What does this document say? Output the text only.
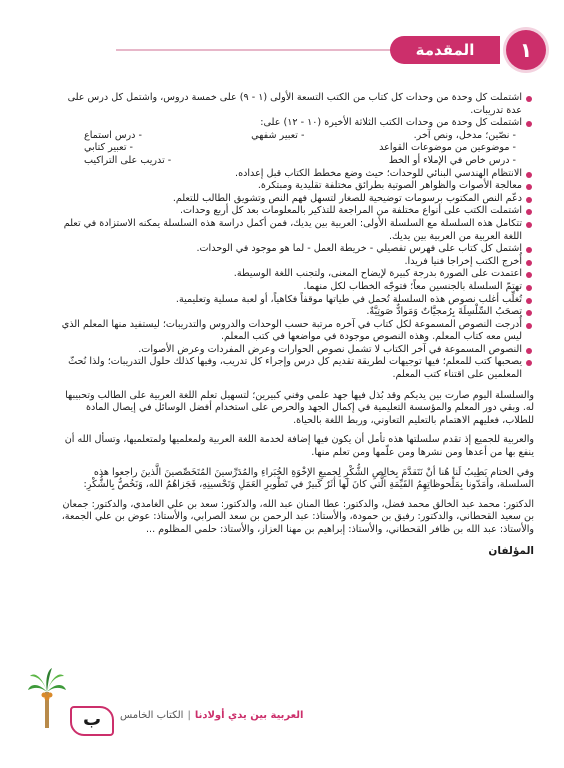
المقدمة	١
اشتملت كل وحدة من وحدات كل كتاب من الكتب التسعة الأولى (١ - ٩) على خمسة دروس، واشتمل كل درس على عدة تدريبات.
اشتملت كل وحدة من وحدات الكتب الثلاثة الأخيرة (١٠ - ١٢) على:
- نصّين؛ مدخل، ونص آخر.
- تعبير شفهي
- درس استماع
- موضوعين من موضوعات القواعد
- تعبير كتابي
- درس خاص في الإملاء أو الخط
- تدريب على التراكيب
الانتظام الهندسي البنائي للوحدات؛ حيث وضع مخطط الكتاب قبل إعداده.
معالجة الأصوات والظواهر الصوتية بطرائق مختلفة تقليدية ومبتكرة.
دعّم النص المكتوب برسومات توضيحية للصغار لتسهل فهم النص وتشويق الطالب للتعلم.
اشتملت الكتب على أنواع مختلفة من المراجعة للتذكير بالمعلومات بعد كل أربع وحدات.
تتكامل هذه السلسلة مع السلسلة الأولى: العربية بين يديك، فمن أكمل دراسة هذه السلسلة يمكنه الاستزادة في تعلم اللغة العربية من العربية بين يديك.
اشتمل كل كتاب على فهرس تفصيلي - خريطة العمل - لما هو موجود في الوحدات.
أُخرج الكتب إخراجا فنيا فريدا.
اعتمدت على الصورة بدرجة كبيرة لإيضاح المعنى، ولتجنب اللغة الوسيطة.
تهتمّ السلسلة بالجنسين معاً؛ فتوجّه الخطاب لكل منهما.
تُغلِّب أغلب نصوص هذه السلسلة تُحمل في طياتها موقفاً فكاهياً، أو لعبة مسلية وتعليمية.
تصحَبُ السِّلْسِلَةَ بِرُمجيَّاتٌ وَمَوادٌّ صَوتِيَّةٌ.
أُدرجت النصوص المسموعة لكل كتاب في آخره مرتبة حسب الوحدات والدروس والتدريبات؛ ليستفيد منها المعلم الذي ليس معه كتاب المعلم. وهذه النصوص موجودة في مواضعها في كتب المعلم.
النصوص المسموعة في آخر الكتاب لا تشمل نصوص الحوارات وعرض المفردات وعرض الأصوات.
يصحبها كتب للمعلم؛ فيها توجيهات لطريقة تقديم كل درس وإجراء كل تدريب، وفيها كذلك حلول التدريبات؛ ولذا نُحثّ المعلمين على اقتناء كتب المعلم.

والسلسلة اليوم صارت بين يديكم وقد بُذل فيها جهد علمي وفني كبيرين؛ لتسهيل تعلم اللغة العربية على الطالب وتحبيبها له. وبقي دور المعلم والمؤسسة التعليمية في إكمال الجهد والحرص على استخدام أفضل الوسائل في إيصال المادة للطلاب، فعليهم الاهتمام بالتعليم التعاوني، وربط اللغة بالحياة.

والعربية للجميع إذ تقدم سلسلتها هذه تأمل أن يكون فيها إضافة لخدمة اللغة العربية ولمعلميها ولمتعلميها، وتسأل الله أن ينفع بها من أعدها ومن نشرها ومن علّمها ومن تعلم منها.

وفي الختام يَطِيبُ لَنا هُنا أنْ نَتَقدَّمَ بِخالِصِ الشُّكْرِ لِجميعِ الإخْوَةِ الخُبَراءِ والمُدَرِّسينَ المُتَخَصِّصينَ الَّذينَ راجعوا هذه السلسلة، وأمَدّونا بِمَلْحوظاتِهِمُ القَيِّمَةِ الَّتي كانَ لَها أثَرٌ كَبيرٌ في تَطْويرِ العَمَلِ وَتَحْسينِهِ، فَجَزاهُمُ الله، وَنَخُصُّ بِالشُّكْرِ:

الدكتور: محمد عبد الخالق محمد فضل، والدكتور: عطا المنان عبد الله، والدكتور: سعد بن علي الغامدي، والدكتور: جمعان بن سعيد القحطاني، والدكتور: رفيق بن حمودة، والأستاذ: عبد الرحمن بن سعد الصرابي، والأستاذ: عوض بن علي الجمعة، والأستاذ: عبد الله بن ظافر القحطاني، والأستاذ: إبراهيم بن مهنا العزاز، والأستاذ: حلمي المظلوم ...

المؤلفان
ب	العربية بين يدي أولادنا|الكتاب الخامس
